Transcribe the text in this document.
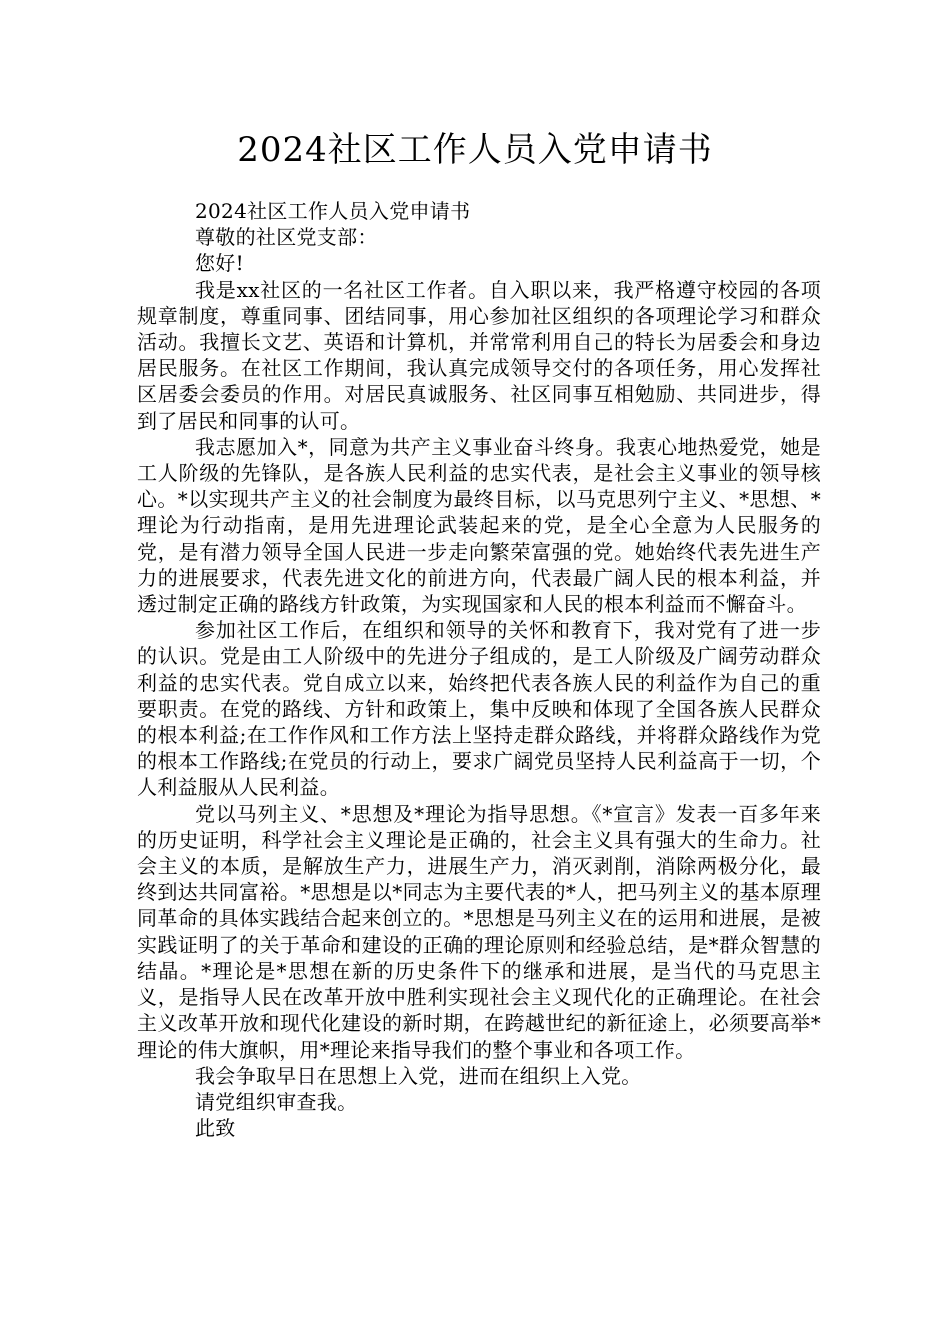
2024社区工作人员入党申请书

2024社区工作人员入党申请书

尊敬的社区党支部：

您好!

我是xx社区的一名社区工作者。自入职以来，我严格遵守校园的各项规章制度，尊重同事、团结同事，用心参加社区组织的各项理论学习和群众活动。我擅长文艺、英语和计算机，并常常利用自己的特长为居委会和身边居民服务。在社区工作期间，我认真完成领导交付的各项任务，用心发挥社区居委会委员的作用。对居民真诚服务、社区同事互相勉励、共同进步，得到了居民和同事的认可。

我志愿加入*，同意为共产主义事业奋斗终身。我衷心地热爱党，她是工人阶级的先锋队，是各族人民利益的忠实代表，是社会主义事业的领导核心。*以实现共产主义的社会制度为最终目标，以马克思列宁主义、*思想、*理论为行动指南，是用先进理论武装起来的党，是全心全意为人民服务的党，是有潜力领导全国人民进一步走向繁荣富强的党。她始终代表先进生产力的进展要求，代表先进文化的前进方向，代表最广阔人民的根本利益，并透过制定正确的路线方针政策，为实现国家和人民的根本利益而不懈奋斗。

参加社区工作后，在组织和领导的关怀和教育下，我对党有了进一步的认识。党是由工人阶级中的先进分子组成的，是工人阶级及广阔劳动群众利益的忠实代表。党自成立以来，始终把代表各族人民的利益作为自己的重要职责。在党的路线、方针和政策上，集中反映和体现了全国各族人民群众的根本利益;在工作作风和工作方法上坚持走群众路线，并将群众路线作为党的根本工作路线;在党员的行动上，要求广阔党员坚持人民利益高于一切，个人利益服从人民利益。

党以马列主义、*思想及*理论为指导思想。《*宣言》发表一百多年来的历史证明，科学社会主义理论是正确的，社会主义具有强大的生命力。社会主义的本质，是解放生产力，进展生产力，消灭剥削，消除两极分化，最终到达共同富裕。*思想是以*同志为主要代表的*人，把马列主义的基本原理同革命的具体实践结合起来创立的。*思想是马列主义在的运用和进展，是被实践证明了的关于革命和建设的正确的理论原则和经验总结，是*群众智慧的结晶。*理论是*思想在新的历史条件下的继承和进展，是当代的马克思主义，是指导人民在改革开放中胜利实现社会主义现代化的正确理论。在社会主义改革开放和现代化建设的新时期，在跨越世纪的新征途上，必须要高举*理论的伟大旗帜，用*理论来指导我们的整个事业和各项工作。

我会争取早日在思想上入党，进而在组织上入党。

请党组织审查我。

此致
